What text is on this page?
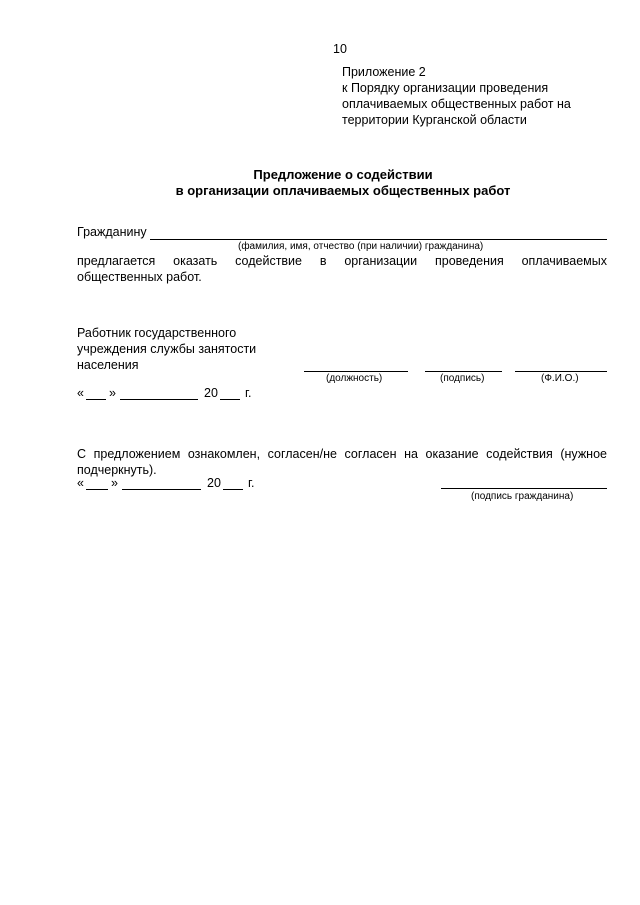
10
Приложение 2
к Порядку организации проведения
оплачиваемых общественных работ на
территории Курганской области
Предложение о содействии
в организации оплачиваемых общественных работ
Гражданину
(фамилия, имя, отчество (при наличии) гражданина)
предлагается оказать содействие в организации проведения оплачиваемых
общественных работ.
Работник государственного
учреждения службы занятости
населения
(должность)	(подпись)	(Ф.И.О.)
« »	20 г.
С предложением ознакомлен, согласен/не согласен на оказание содействия (нужное
подчеркнуть).
« »	20 г.
(подпись гражданина)
